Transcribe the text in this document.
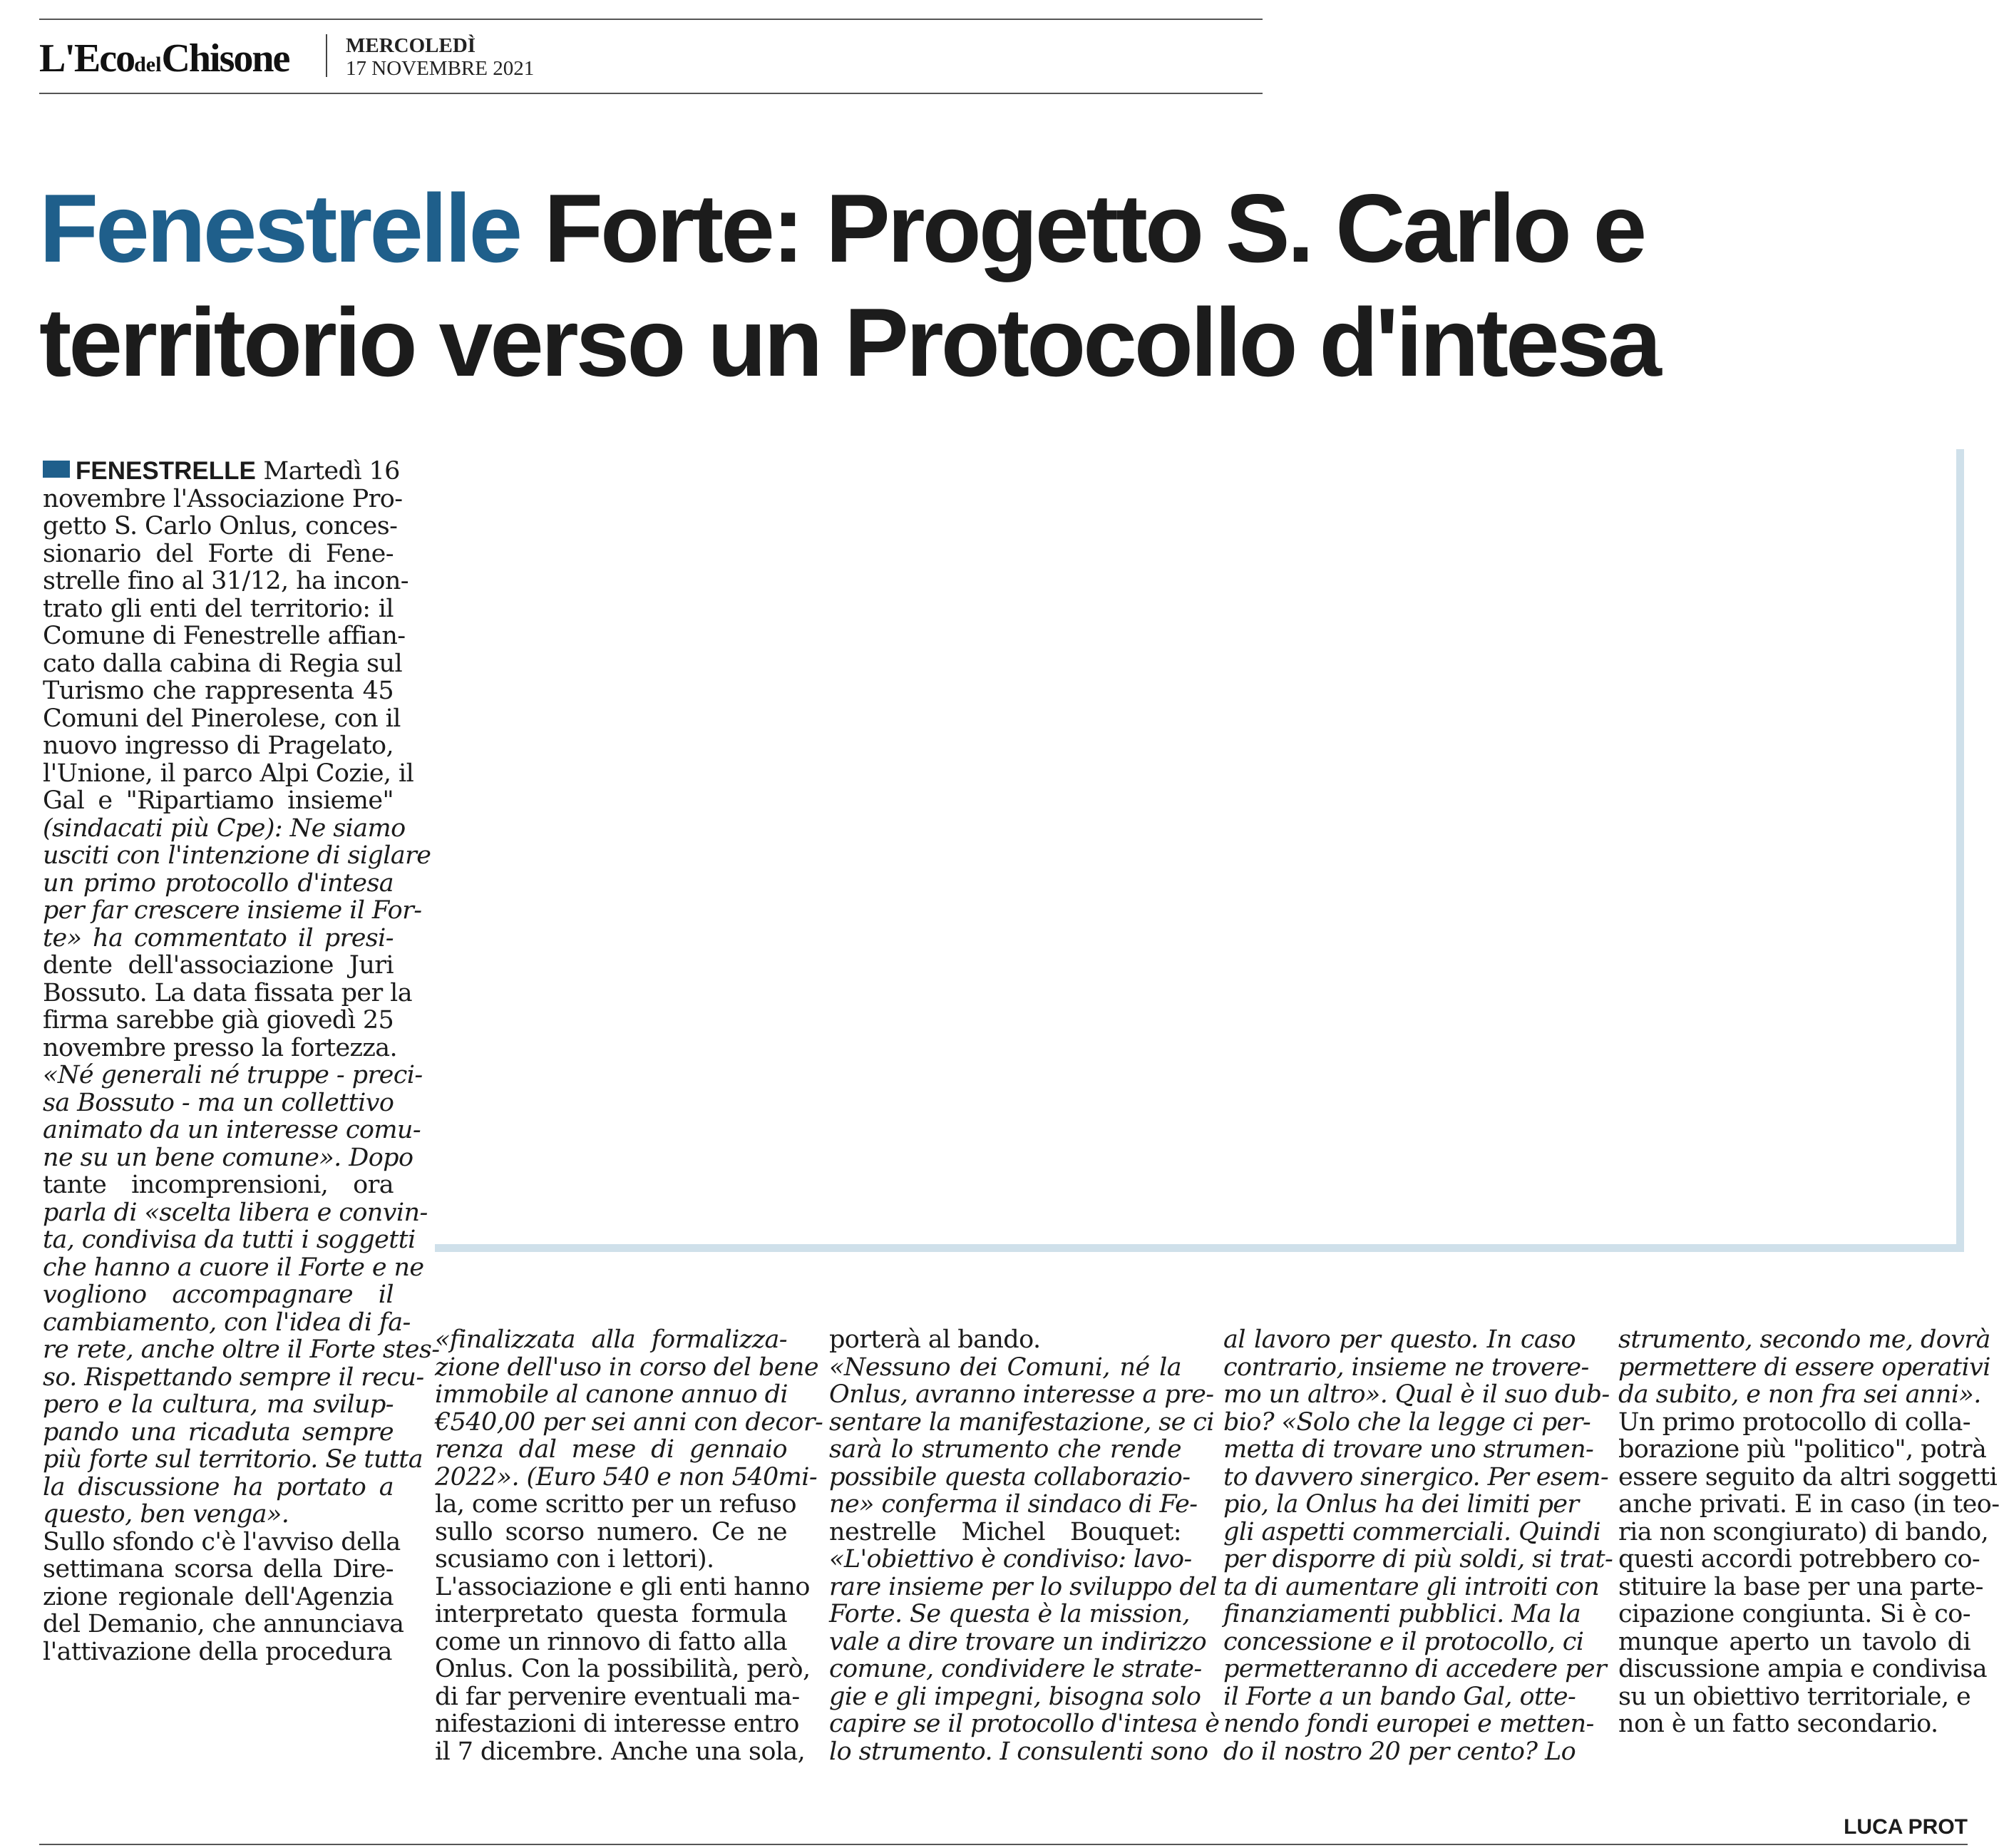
L'EcodelChisone	MERCOLEDÌ
17 NOVEMBRE 2021
Fenestrelle Forte: Progetto S. Carlo e
territorio verso un Protocollo d'intesa
FENESTRELLE Martedì 16
novembre l'Associazione Pro-
getto S. Carlo Onlus, conces-
sionario del Forte di Fene-
strelle fino al 31/12, ha incon-
trato gli enti del territorio: il
Comune di Fenestrelle affian-
cato dalla cabina di Regia sul
Turismo che rappresenta 45
Comuni del Pinerolese, con il
nuovo ingresso di Pragelato,
l'Unione, il parco Alpi Cozie, il
Gal e "Ripartiamo insieme"
(sindacati più Cpe): Ne siamo
usciti con l'intenzione di siglare
un primo protocollo d'intesa
per far crescere insieme il For-
te» ha commentato il presi-
dente dell'associazione Juri
Bossuto. La data fissata per la
firma sarebbe già giovedì 25
novembre presso la fortezza.
«Né generali né truppe - preci-
sa Bossuto - ma un collettivo
animato da un interesse comu-
ne su un bene comune». Dopo
tante incomprensioni, ora
parla di «scelta libera e convin-
ta, condivisa da tutti i soggetti
che hanno a cuore il Forte e ne
vogliono accompagnare il
cambiamento, con l'idea di fa-
re rete, anche oltre il Forte stes-
so. Rispettando sempre il recu-
pero e la cultura, ma svilup-
pando una ricaduta sempre
più forte sul territorio. Se tutta
la discussione ha portato a
questo, ben venga».
Sullo sfondo c'è l'avviso della
settimana scorsa della Dire-
zione regionale dell'Agenzia
del Demanio, che annunciava
l'attivazione della procedura
«finalizzata alla formalizza-
zione dell'uso in corso del bene
immobile al canone annuo di
€540,00 per sei anni con decor-
renza dal mese di gennaio
2022». (Euro 540 e non 540mi-
la, come scritto per un refuso
sullo scorso numero. Ce ne
scusiamo con i lettori).
L'associazione e gli enti hanno
interpretato questa formula
come un rinnovo di fatto alla
Onlus. Con la possibilità, però,
di far pervenire eventuali ma-
nifestazioni di interesse entro
il 7 dicembre. Anche una sola,
porterà al bando.
«Nessuno dei Comuni, né la
Onlus, avranno interesse a pre-
sentare la manifestazione, se ci
sarà lo strumento che rende
possibile questa collaborazio-
ne» conferma il sindaco di Fe-
nestrelle Michel Bouquet:
«L'obiettivo è condiviso: lavo-
rare insieme per lo sviluppo del
Forte. Se questa è la mission,
vale a dire trovare un indirizzo
comune, condividere le strate-
gie e gli impegni, bisogna solo
capire se il protocollo d'intesa è
lo strumento. I consulenti sono
al lavoro per questo. In caso
contrario, insieme ne trovere-
mo un altro». Qual è il suo dub-
bio? «Solo che la legge ci per-
metta di trovare uno strumen-
to davvero sinergico. Per esem-
pio, la Onlus ha dei limiti per
gli aspetti commerciali. Quindi
per disporre di più soldi, si trat-
ta di aumentare gli introiti con
finanziamenti pubblici. Ma la
concessione e il protocollo, ci
permetteranno di accedere per
il Forte a un bando Gal, otte-
nendo fondi europei e metten-
do il nostro 20 per cento? Lo
strumento, secondo me, dovrà
permettere di essere operativi
da subito, e non fra sei anni».
Un primo protocollo di colla-
borazione più "politico", potrà
essere seguito da altri soggetti
anche privati. E in caso (in teo-
ria non scongiurato) di bando,
questi accordi potrebbero co-
stituire la base per una parte-
cipazione congiunta. Si è co-
munque aperto un tavolo di
discussione ampia e condivisa
su un obiettivo territoriale, e
non è un fatto secondario.
LUCA PROT
